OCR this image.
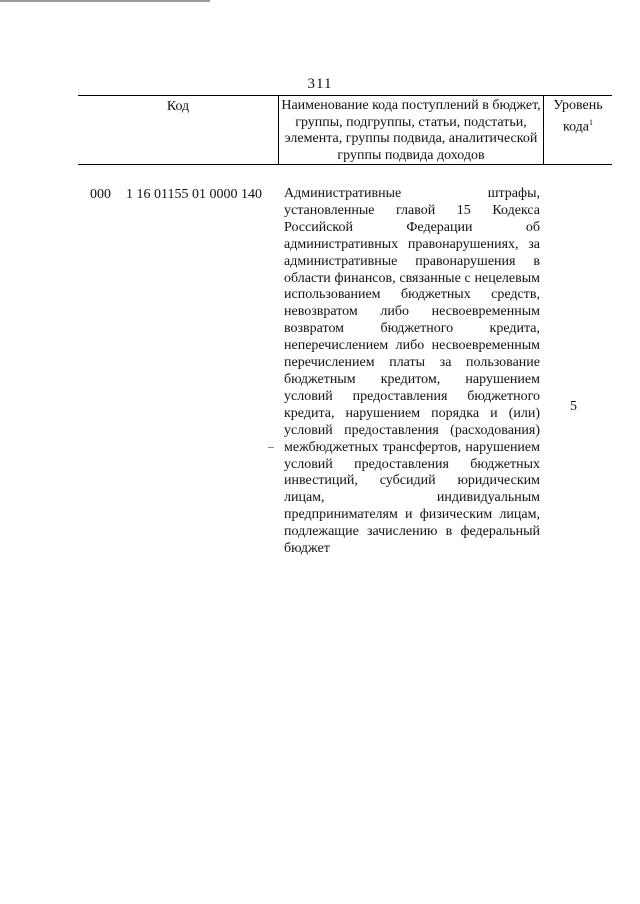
311
Код	Наименование кода поступлений в бюджет, группы, подгруппы, статьи, подстатьи, элемента, группы подвида, аналитической группы подвида доходов
Уровень кода$^1$
000 1 16 01155 01 0000 140 Административные штрафы, установленные главой 15 Кодекса Российской Федерации об административных правонарушениях, за административные правонарушения в области финансов, связанные с нецелевым использованием бюджетных средств, невозвратом либо несвоевременным возвратом бюджетного кредита, неперечислением либо несвоевременным перечислением платы за пользование бюджетным кредитом, нарушением условий предоставления бюджетного кредита, нарушением порядка и (или) условий предоставления (расходования) межбюджетных трансфертов, нарушением условий предоставления бюджетных инвестиций, субсидий юридическим лицам, индивидуальным предпринимателям и физическим лицам, подлежащие зачислению в федеральный бюджет
5
